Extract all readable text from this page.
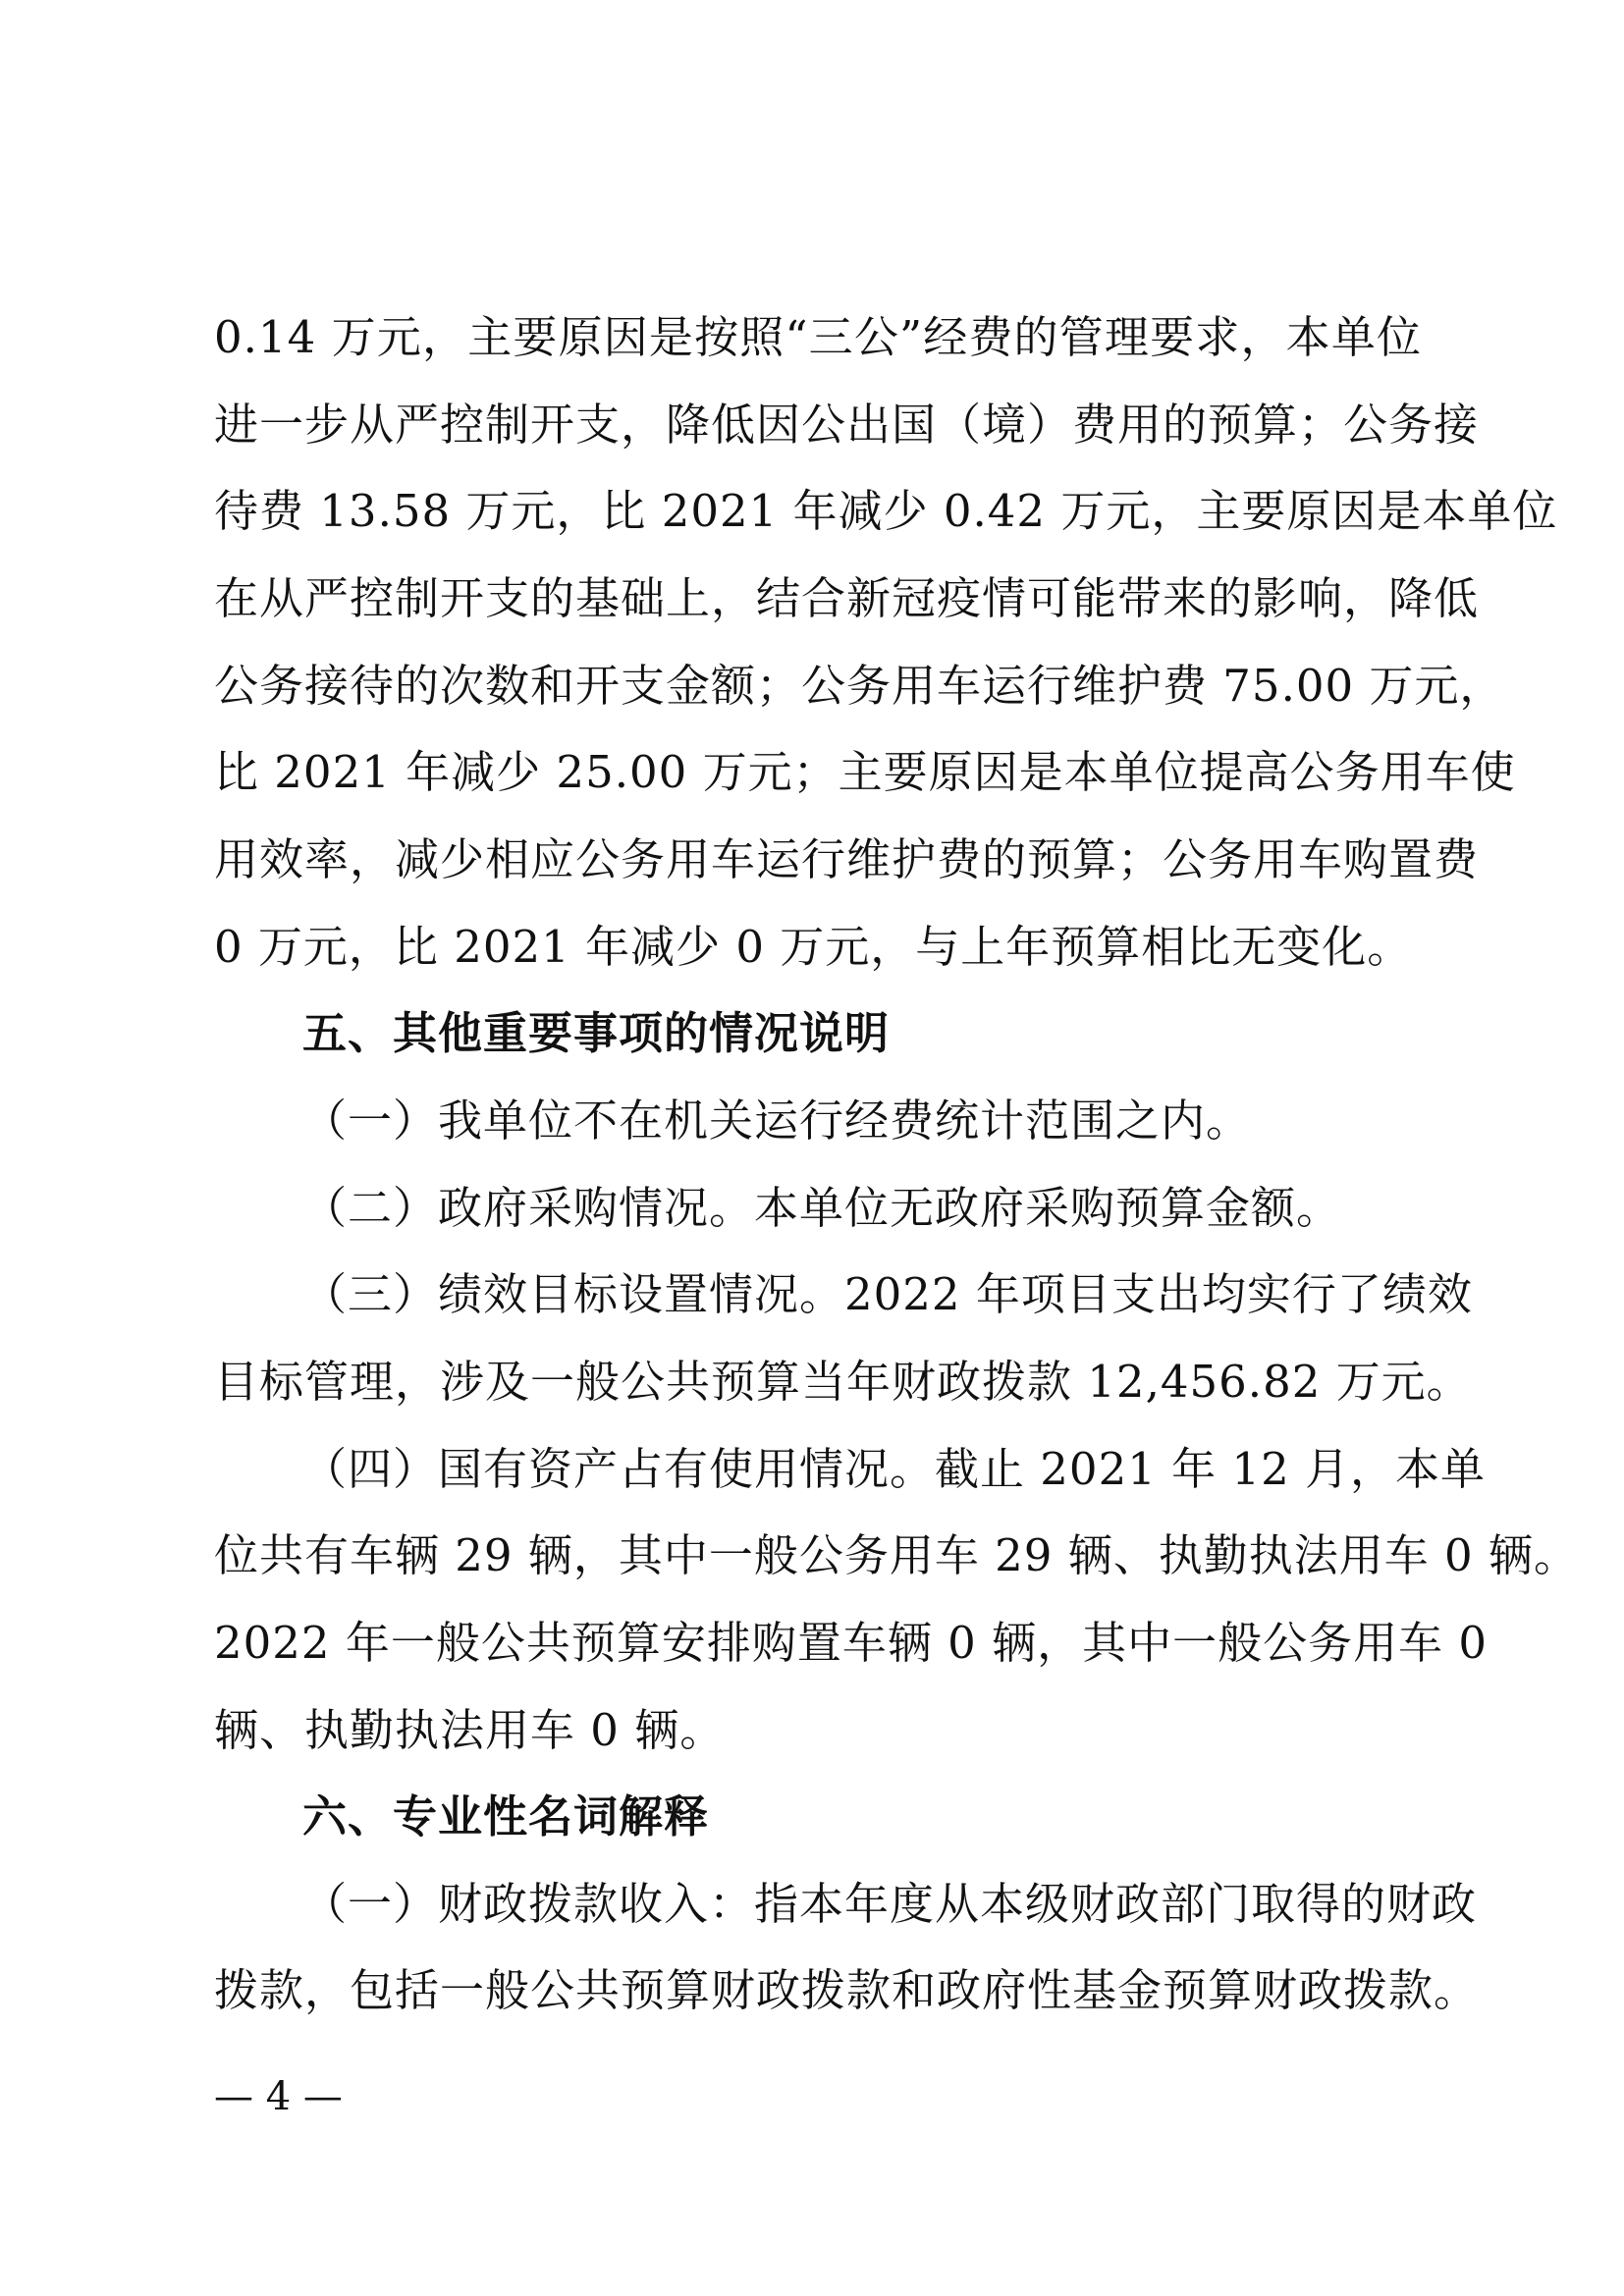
0.14 万元，主要原因是按照“三公”经费的管理要求，本单位
进一步从严控制开支，降低因公出国（境）费用的预算；公务接
待费 13.58 万元，比 2021 年减少 0.42 万元，主要原因是本单位
在从严控制开支的基础上，结合新冠疫情可能带来的影响，降低
公务接待的次数和开支金额；公务用车运行维护费 75.00 万元，
比 2021 年减少 25.00 万元；主要原因是本单位提高公务用车使
用效率，减少相应公务用车运行维护费的预算；公务用车购置费
0 万元，比 2021 年减少 0 万元，与上年预算相比无变化。
五、其他重要事项的情况说明
（一）我单位不在机关运行经费统计范围之内。
（二）政府采购情况。本单位无政府采购预算金额。
（三）绩效目标设置情况。2022 年项目支出均实行了绩效
目标管理，涉及一般公共预算当年财政拨款 12,456.82 万元。
（四）国有资产占有使用情况。截止 2021 年 12 月，本单
位共有车辆 29 辆，其中一般公务用车 29 辆、执勤执法用车 0 辆。
2022 年一般公共预算安排购置车辆 0 辆，其中一般公务用车 0
辆、执勤执法用车 0 辆。
六、专业性名词解释
（一）财政拨款收入：指本年度从本级财政部门取得的财政
拨款，包括一般公共预算财政拨款和政府性基金预算财政拨款。
— 4 —
